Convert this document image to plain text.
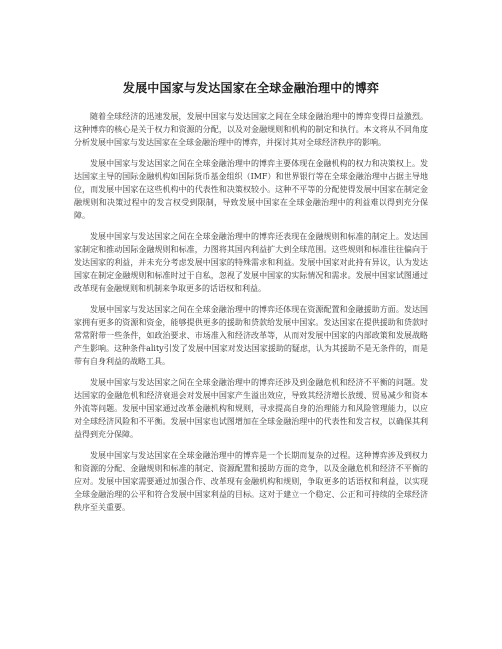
发展中国家与发达国家在全球金融治理中的博弈

随着全球经济的迅速发展，发展中国家与发达国家之间在全球金融治理中的博弈变得日益激烈。这种博弈的核心是关于权力和资源的分配，以及对金融规则和机构的制定和执行。本文将从不同角度分析发展中国家与发达国家在全球金融治理中的博弈，并探讨其对全球经济秩序的影响。

发展中国家与发达国家之间在全球金融治理中的博弈主要体现在金融机构的权力和决策权上。发达国家主导的国际金融机构如国际货币基金组织（IMF）和世界银行等在全球金融治理中占据主导地位，而发展中国家在这些机构中的代表性和决策权较小。这种不平等的分配使得发展中国家在制定金融规则和决策过程中的发言权受到限制，导致发展中国家在全球金融治理中的利益难以得到充分保障。

发展中国家与发达国家之间在全球金融治理中的博弈还表现在金融规则和标准的制定上。发达国家制定和推动国际金融规则和标准，力图将其国内利益扩大到全球范围。这些规则和标准往往偏向于发达国家的利益，并未充分考虑发展中国家的特殊需求和利益。发展中国家对此持有异议，认为发达国家在制定金融规则和标准时过于自私，忽视了发展中国家的实际情况和需求。发展中国家试图通过改革现有金融规则和机制来争取更多的话语权和利益。

发展中国家与发达国家之间在全球金融治理中的博弈还体现在资源配置和金融援助方面。发达国家拥有更多的资源和资金，能够提供更多的援助和贷款给发展中国家。发达国家在提供援助和贷款时常常附带一些条件，如政治要求、市场准入和经济改革等，从而对发展中国家的内部政策和发展战略产生影响。这种条件ality引发了发展中国家对发达国家援助的疑虑，认为其援助不是无条件的，而是带有自身利益的战略工具。

发展中国家与发达国家之间在全球金融治理中的博弈还涉及到金融危机和经济不平衡的问题。发达国家的金融危机和经济衰退会对发展中国家产生溢出效应，导致其经济增长放缓、贸易减少和资本外流等问题。发展中国家通过改革金融机构和规则，寻求提高自身的治理能力和风险管理能力，以应对全球经济风险和不平衡。发展中国家也试图增加在全球金融治理中的代表性和发言权，以确保其利益得到充分保障。

发展中国家与发达国家在全球金融治理中的博弈是一个长期而复杂的过程。这种博弈涉及到权力和资源的分配、金融规则和标准的制定、资源配置和援助方面的竞争，以及金融危机和经济不平衡的应对。发展中国家需要通过加强合作、改革现有金融机构和规则，争取更多的话语权和利益，以实现全球金融治理的公平和符合发展中国家利益的目标。这对于建立一个稳定、公正和可持续的全球经济秩序至关重要。
